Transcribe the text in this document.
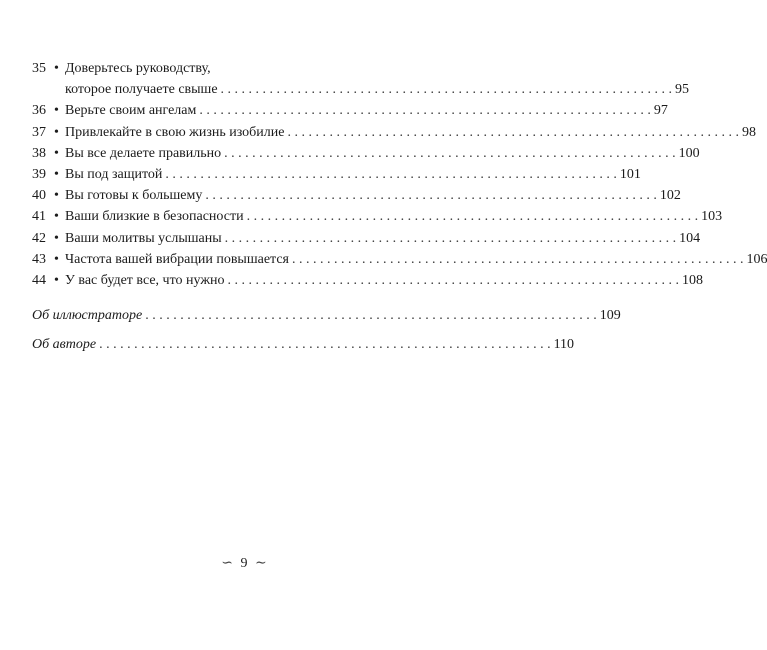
35 • Доверьтесь руководству,
которое получаете свыше . . .	95
36 • Верьте своим ангелам . . .	97
37 • Привлекайте в свою жизнь изобилие . . .	98
38 • Вы все делаете правильно . . .	100
39 • Вы под защитой . . .	101
40 • Вы готовы к большему . . .	102
41 • Ваши близкие в безопасности . . .	103
42 • Ваши молитвы услышаны . . .	104
43 • Частота вашей вибрации повышается . . .	106
44 • У вас будет все, что нужно . . .	108
Об иллюстраторе . . .	109
Об авторе . . .	110
∽ 9 ∼
